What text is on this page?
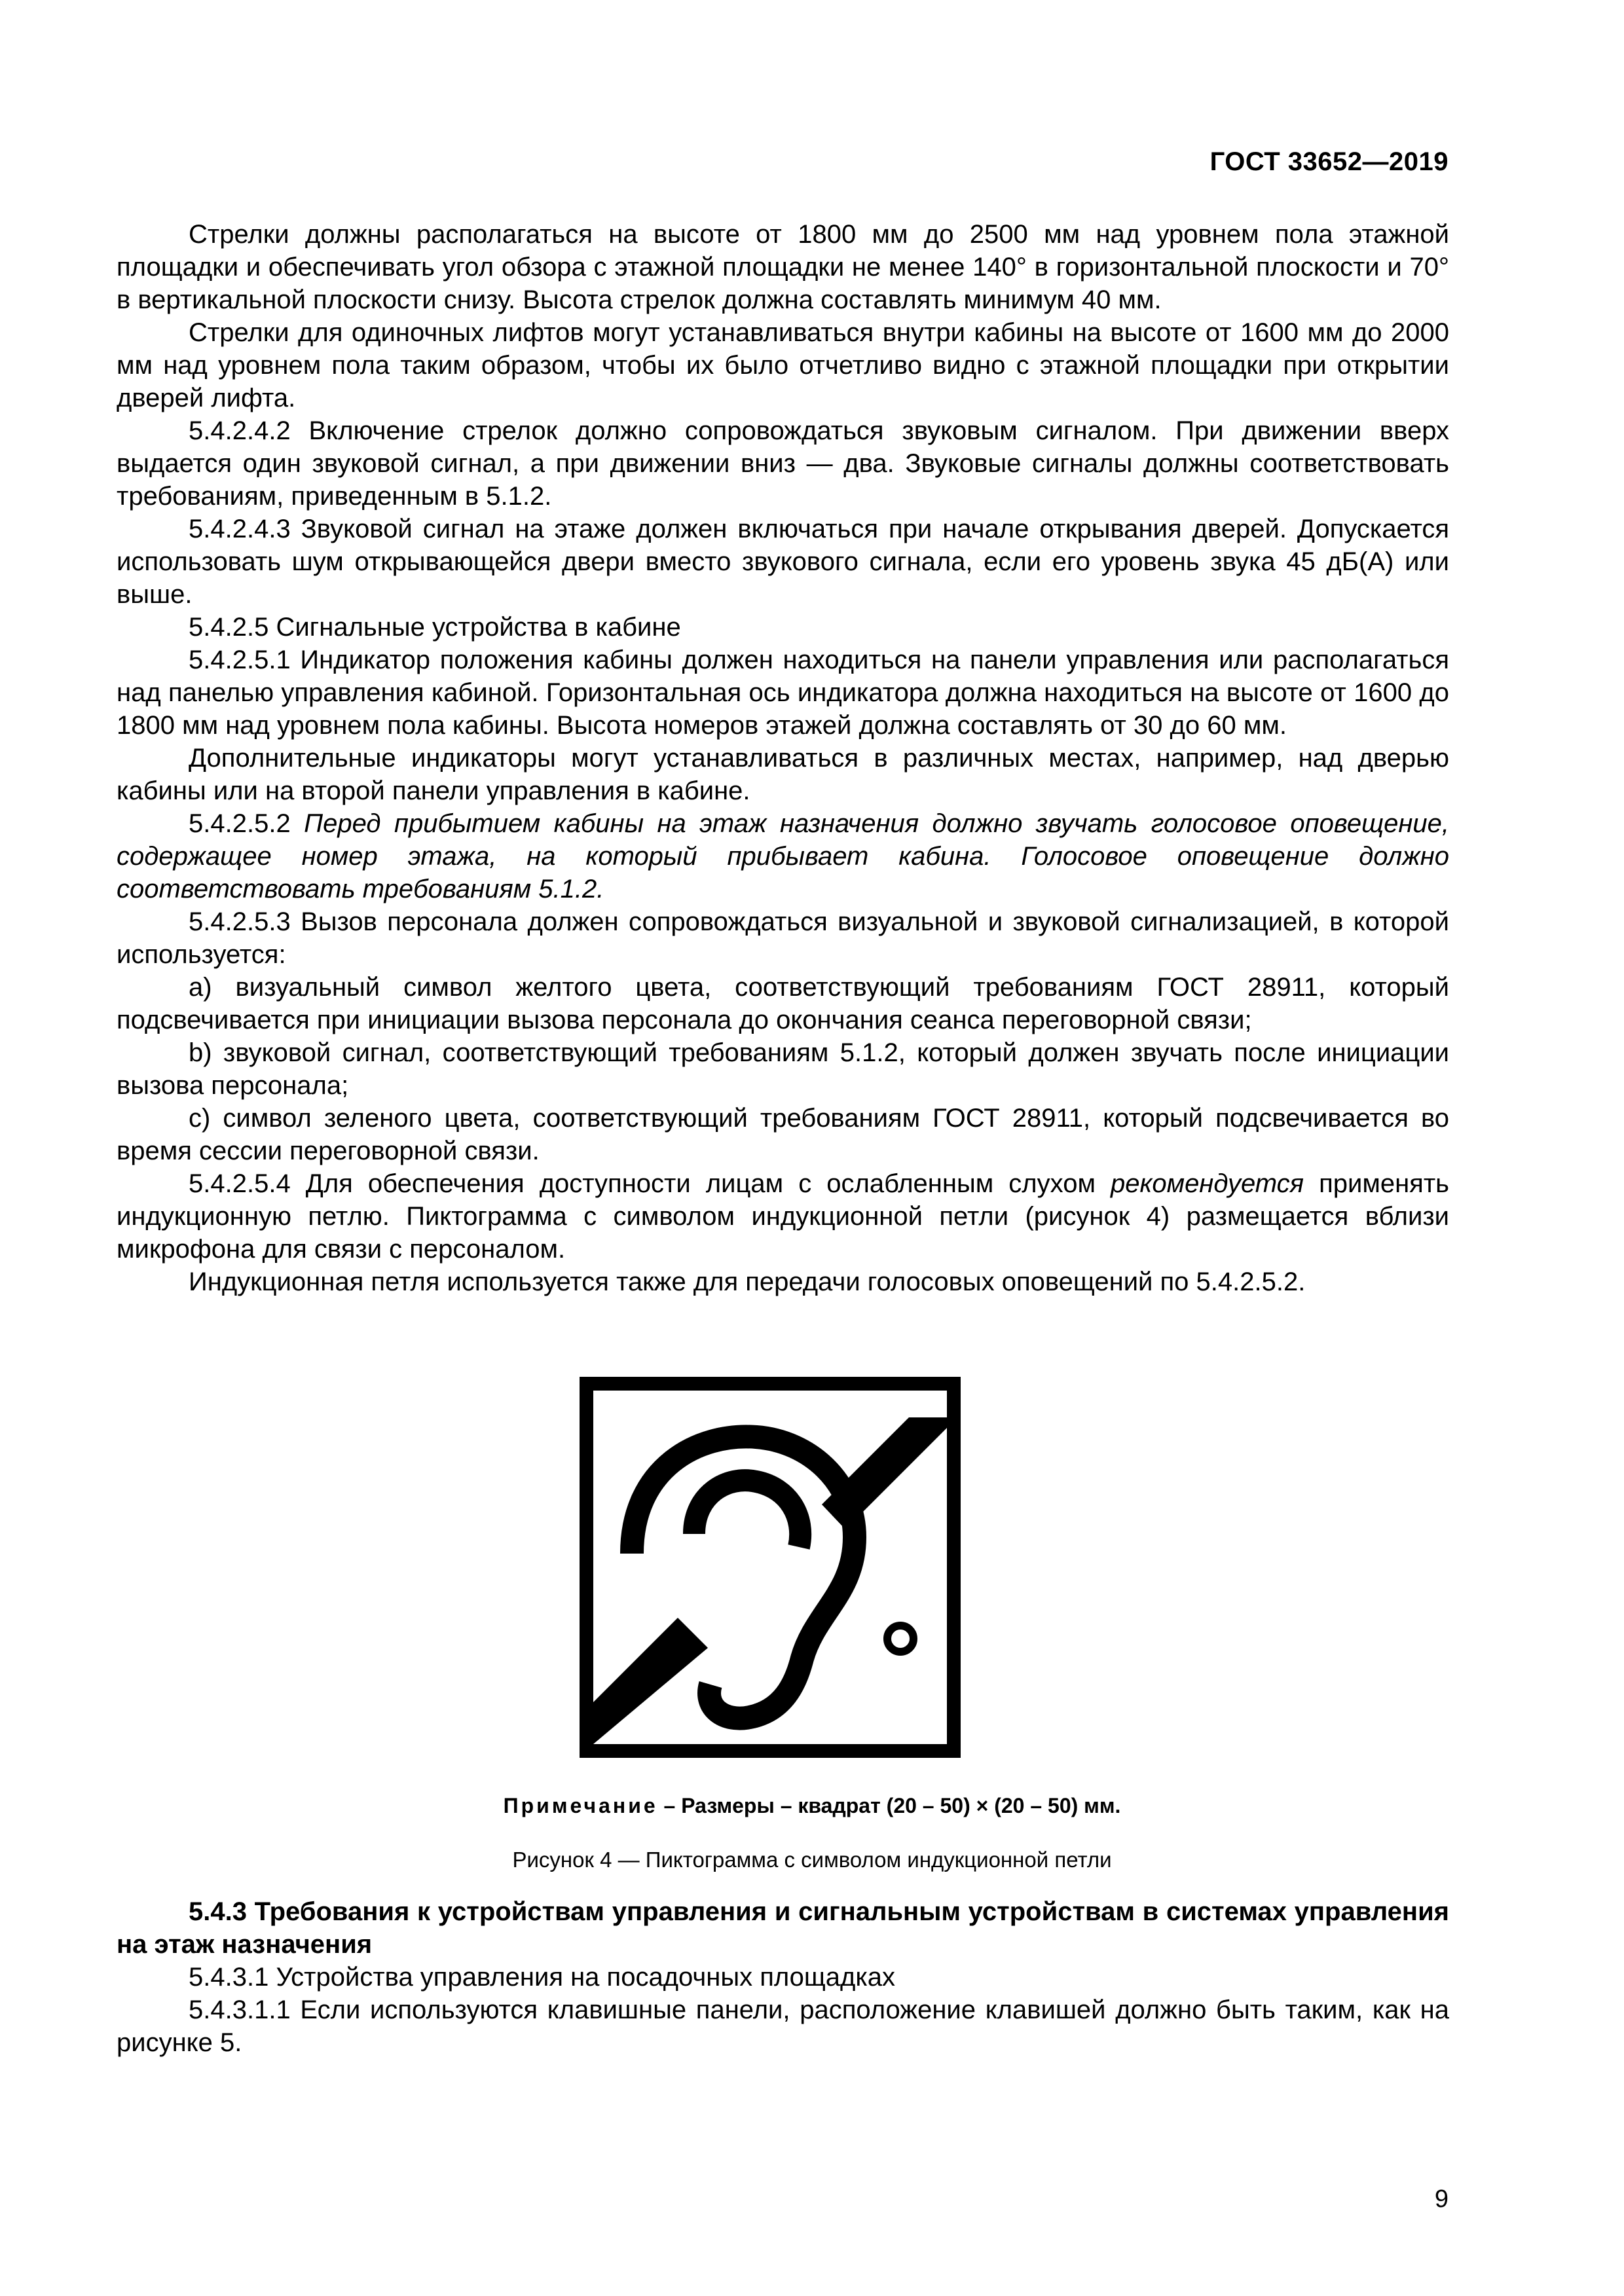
ГОСТ 33652—2019

Стрелки должны располагаться на высоте от 1800 мм до 2500 мм над уровнем пола этажной площадки и обеспечивать угол обзора с этажной площадки не менее 140° в горизонтальной плоскости и 70° в вертикальной плоскости снизу. Высота стрелок должна составлять минимум 40 мм.

Стрелки для одиночных лифтов могут устанавливаться внутри кабины на высоте от 1600 мм до 2000 мм над уровнем пола таким образом, чтобы их было отчетливо видно с этажной площадки при открытии дверей лифта.

5.4.2.4.2 Включение стрелок должно сопровождаться звуковым сигналом. При движении вверх выдается один звуковой сигнал, а при движении вниз — два. Звуковые сигналы должны соответствовать требованиям, приведенным в 5.1.2.

5.4.2.4.3 Звуковой сигнал на этаже должен включаться при начале открывания дверей. Допускается использовать шум открывающейся двери вместо звукового сигнала, если его уровень звука 45 дБ(А) или выше.

5.4.2.5 Сигнальные устройства в кабине

5.4.2.5.1 Индикатор положения кабины должен находиться на панели управления или располагаться над панелью управления кабиной. Горизонтальная ось индикатора должна находиться на высоте от 1600 до 1800 мм над уровнем пола кабины. Высота номеров этажей должна составлять от 30 до 60 мм.

Дополнительные индикаторы могут устанавливаться в различных местах, например, над дверью кабины или на второй панели управления в кабине.

5.4.2.5.2 Перед прибытием кабины на этаж назначения должно звучать голосовое оповещение, содержащее номер этажа, на который прибывает кабина. Голосовое оповещение должно соответствовать требованиям 5.1.2.

5.4.2.5.3 Вызов персонала должен сопровождаться визуальной и звуковой сигнализацией, в которой используется:

a) визуальный символ желтого цвета, соответствующий требованиям ГОСТ 28911, который подсвечивается при инициации вызова персонала до окончания сеанса переговорной связи;

b) звуковой сигнал, соответствующий требованиям 5.1.2, который должен звучать после инициации вызова персонала;

c) символ зеленого цвета, соответствующий требованиям ГОСТ 28911, который подсвечивается во время сессии переговорной связи.

5.4.2.5.4 Для обеспечения доступности лицам с ослабленным слухом рекомендуется применять индукционную петлю. Пиктограмма с символом индукционной петли (рисунок 4) размещается вблизи микрофона для связи с персоналом.

Индукционная петля используется также для передачи голосовых оповещений по 5.4.2.5.2.

Примечание – Размеры – квадрат (20 – 50) × (20 – 50) мм.
Рисунок 4 — Пиктограмма с символом индукционной петли

5.4.3 Требования к устройствам управления и сигнальным устройствам в системах управления на этаж назначения

5.4.3.1 Устройства управления на посадочных площадках

5.4.3.1.1 Если используются клавишные панели, расположение клавишей должно быть таким, как на рисунке 5.

9
